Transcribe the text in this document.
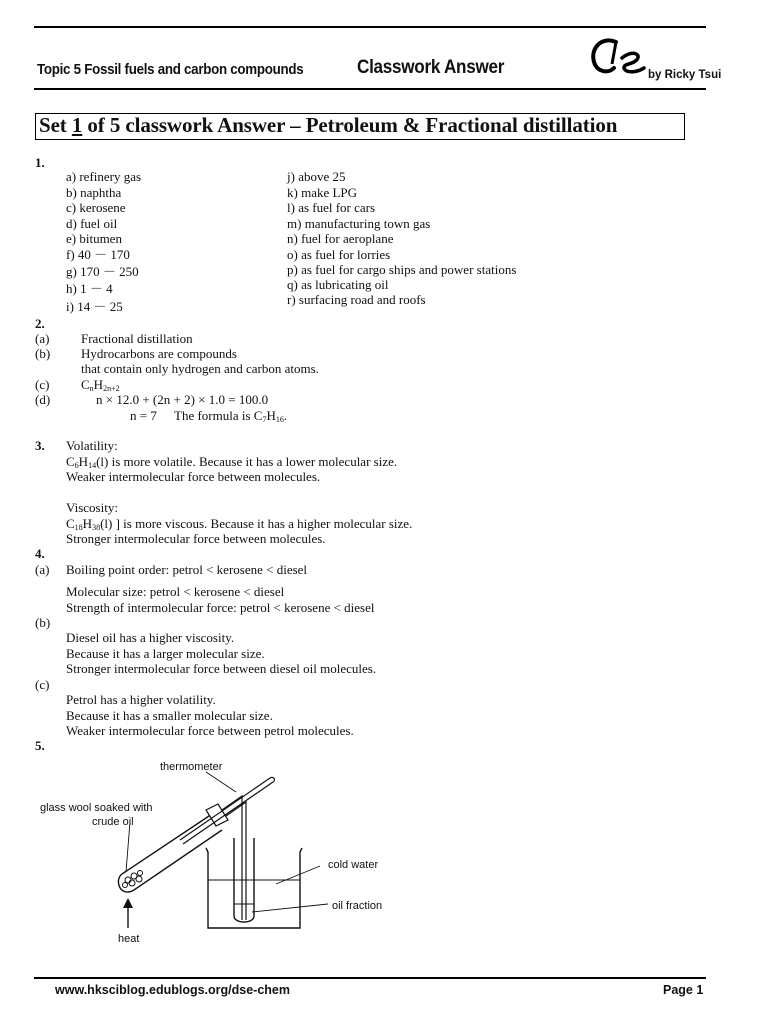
Topic 5 Fossil fuels and carbon compounds	Classwork Answer	by Ricky Tsui
Set 1 of 5 classwork Answer – Petroleum & Fractional distillation
1.
a) refinery gas
b) naphtha
c) kerosene
d) fuel oil
e) bitumen
f) 40 － 170
g) 170 － 250
h) 1 － 4
i) 14 － 25
j) above 25
k) make LPG
l) as fuel for cars
m) manufacturing town gas
n) fuel for aeroplane
o) as fuel for lorries
p) as fuel for cargo ships and power stations
q) as lubricating oil
r) surfacing road and roofs
2.
(a) Fractional distillation
(b) Hydrocarbons are compounds
that contain only hydrogen and carbon atoms.
(c) $C_nH_{2n+2}$
(d)	n × 12.0 + (2n + 2) × 1.0 = 100.0
n = 7 The formula is $C_7H_{16}$.
3. Volatility:
$C_6H_{14}(l)$ is more volatile. Because it has a lower molecular size.
Weaker intermolecular force between molecules.
Viscosity:
$C_{18}H_{38}(l)$ ] is more viscous. Because it has a higher molecular size.
Stronger intermolecular force between molecules.
4.
(a) Boiling point order: petrol < kerosene < diesel
Molecular size: petrol < kerosene < diesel
Strength of intermolecular force: petrol < kerosene < diesel
(b)
Diesel oil has a higher viscosity.
Because it has a larger molecular size.
Stronger intermolecular force between diesel oil molecules.
(c)
Petrol has a higher volatility.
Because it has a smaller molecular size.
Weaker intermolecular force between petrol molecules.
5.
thermometer
glass wool soaked with
crude oil
heat
cold water
oil fraction
www.hksciblog.edublogs.org/dse-chem	Page 1
